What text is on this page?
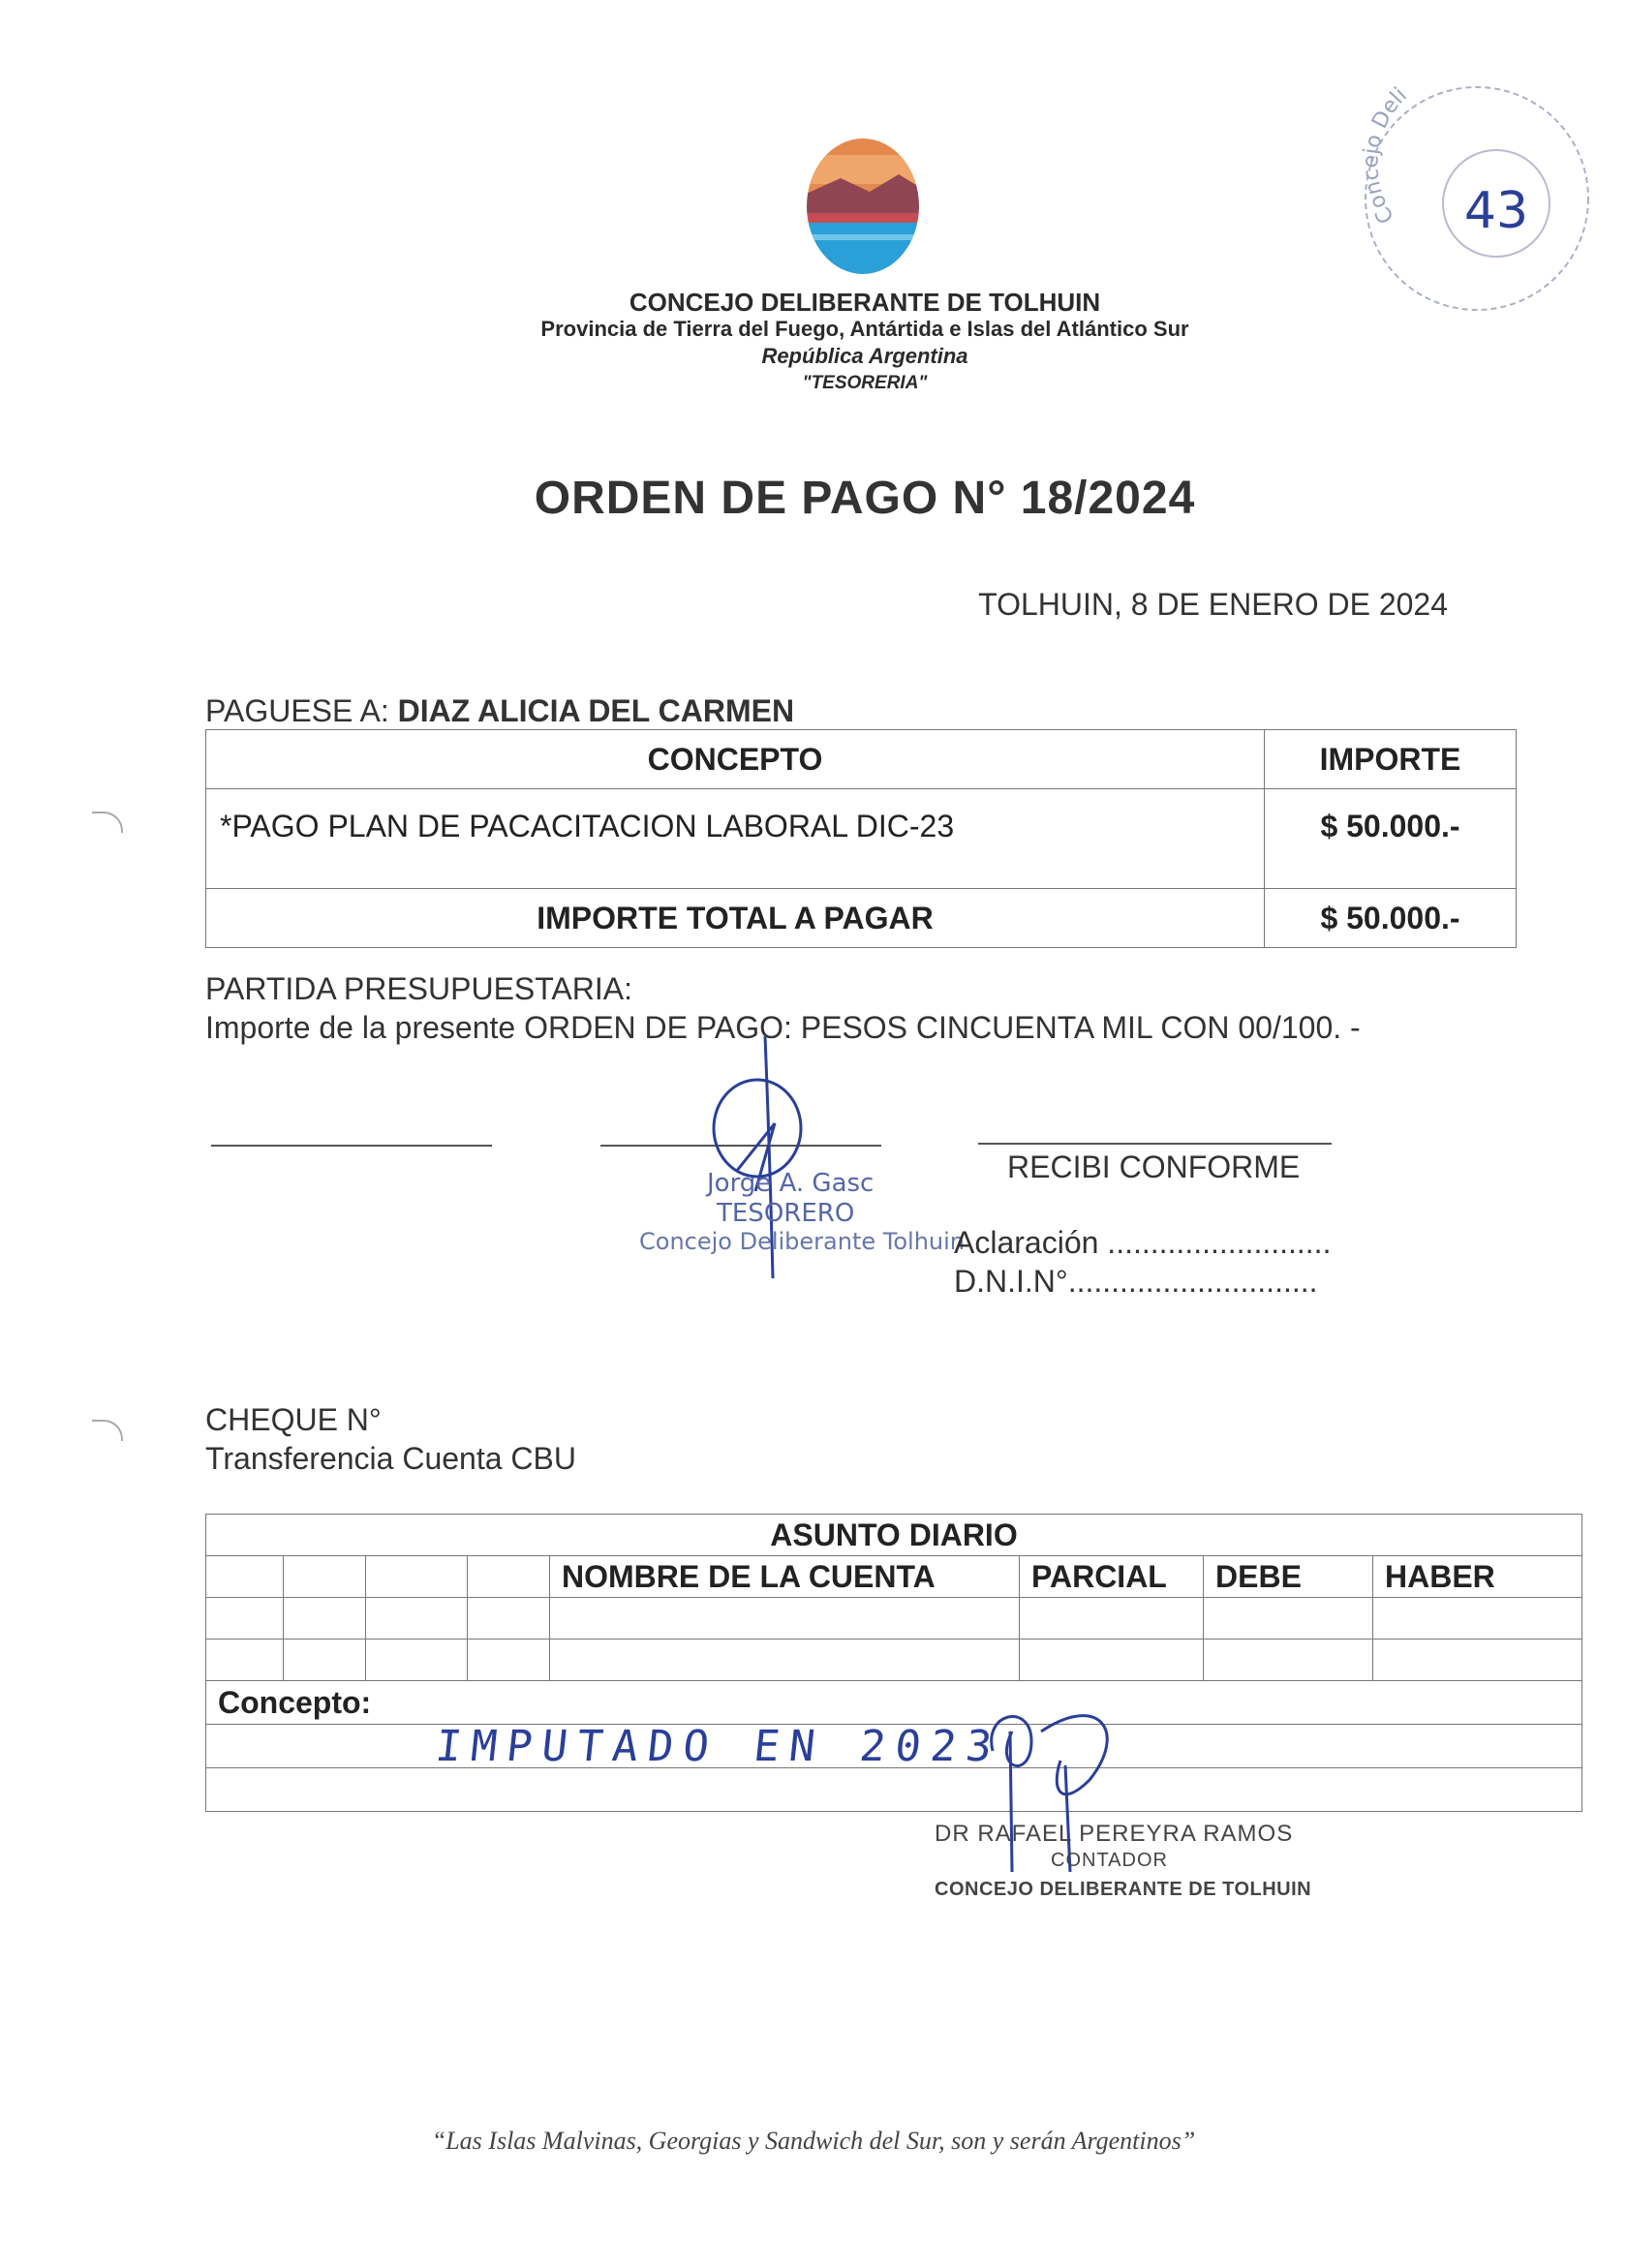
Concejo Deli
43
CONCEJO DELIBERANTE DE TOLHUIN
Provincia de Tierra del Fuego, Antártida e Islas del Atlántico Sur
República Argentina
"TESORERIA"
ORDEN DE PAGO N° 18/2024
TOLHUIN, 8 DE ENERO DE 2024
PAGUESE A: DIAZ ALICIA DEL CARMEN
CONCEPTO	IMPORTE
*PAGO PLAN DE PACACITACION LABORAL DIC-23	$ 50.000.-
IMPORTE TOTAL A PAGAR	$ 50.000.-
PARTIDA PRESUPUESTARIA:
Importe de la presente ORDEN DE PAGO: PESOS CINCUENTA MIL CON 00/100. -
Jorge A. Gasc
TESORERO
Concejo Deliberante Tolhuin
RECIBI CONFORME
Aclaración ..........................
D.N.I.N°.............................
CHEQUE N°
Transferencia Cuenta CBU
ASUNTO DIARIO							
				NOMBRE DE LA CUENTA	PARCIAL	DEBE	HABER

Concepto:							

IMPUTADO EN 2023
DR RAFAEL PEREYRA RAMOS
CONTADOR
CONCEJO DELIBERANTE DE TOLHUIN
“Las Islas Malvinas, Georgias y Sandwich del Sur, son y serán Argentinos”
